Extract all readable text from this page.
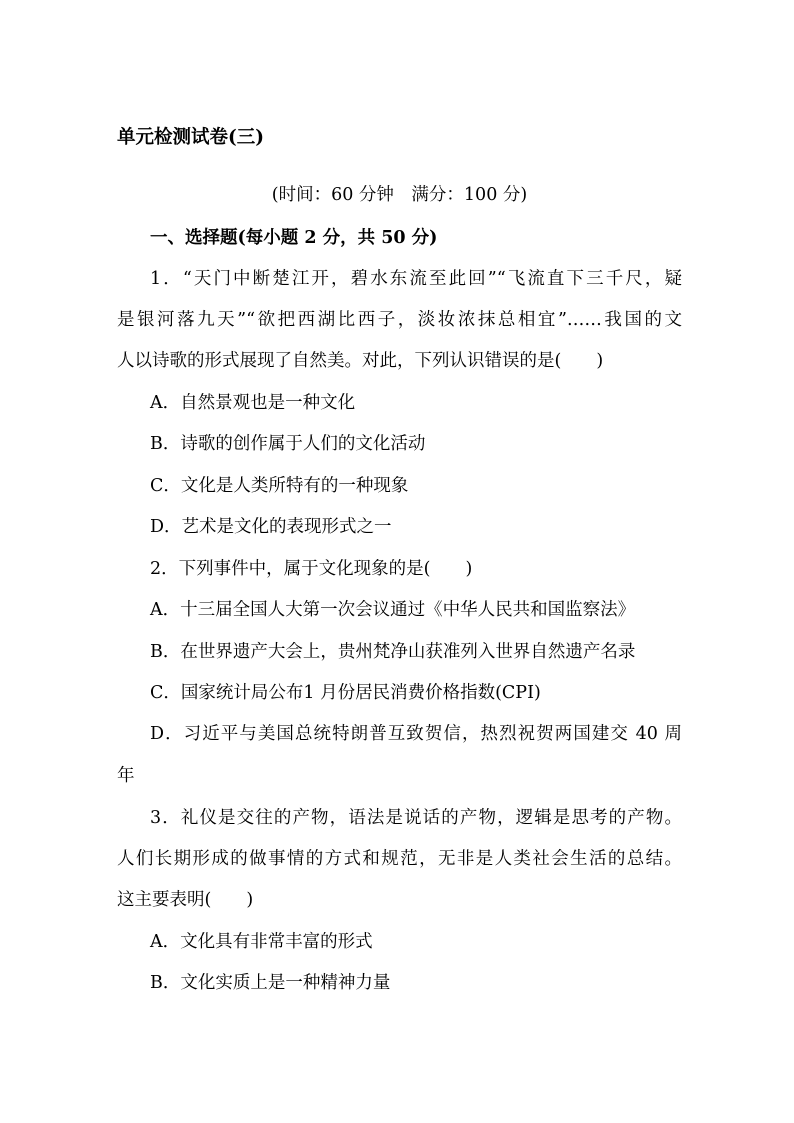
单元检测试卷(三)
(时间：60 分钟　满分：100 分)
一、选择题(每小题 2 分，共 50 分)
1．“天门中断楚江开，碧水东流至此回”“飞流直下三千尺，疑
是银河落九天”“欲把西湖比西子，淡妆浓抹总相宜”……我国的文
人以诗歌的形式展现了自然美。对此，下列认识错误的是(　　)
A．自然景观也是一种文化
B．诗歌的创作属于人们的文化活动
C．文化是人类所特有的一种现象
D．艺术是文化的表现形式之一
2．下列事件中，属于文化现象的是(　　)
A．十三届全国人大第一次会议通过《中华人民共和国监察法》
B．在世界遗产大会上，贵州梵净山获准列入世界自然遗产名录
C．国家统计局公布1 月份居民消费价格指数(CPI)
D．习近平与美国总统特朗普互致贺信，热烈祝贺两国建交 40 周
年
3．礼仪是交往的产物，语法是说话的产物，逻辑是思考的产物。
人们长期形成的做事情的方式和规范，无非是人类社会生活的总结。
这主要表明(　　)
A．文化具有非常丰富的形式
B．文化实质上是一种精神力量
